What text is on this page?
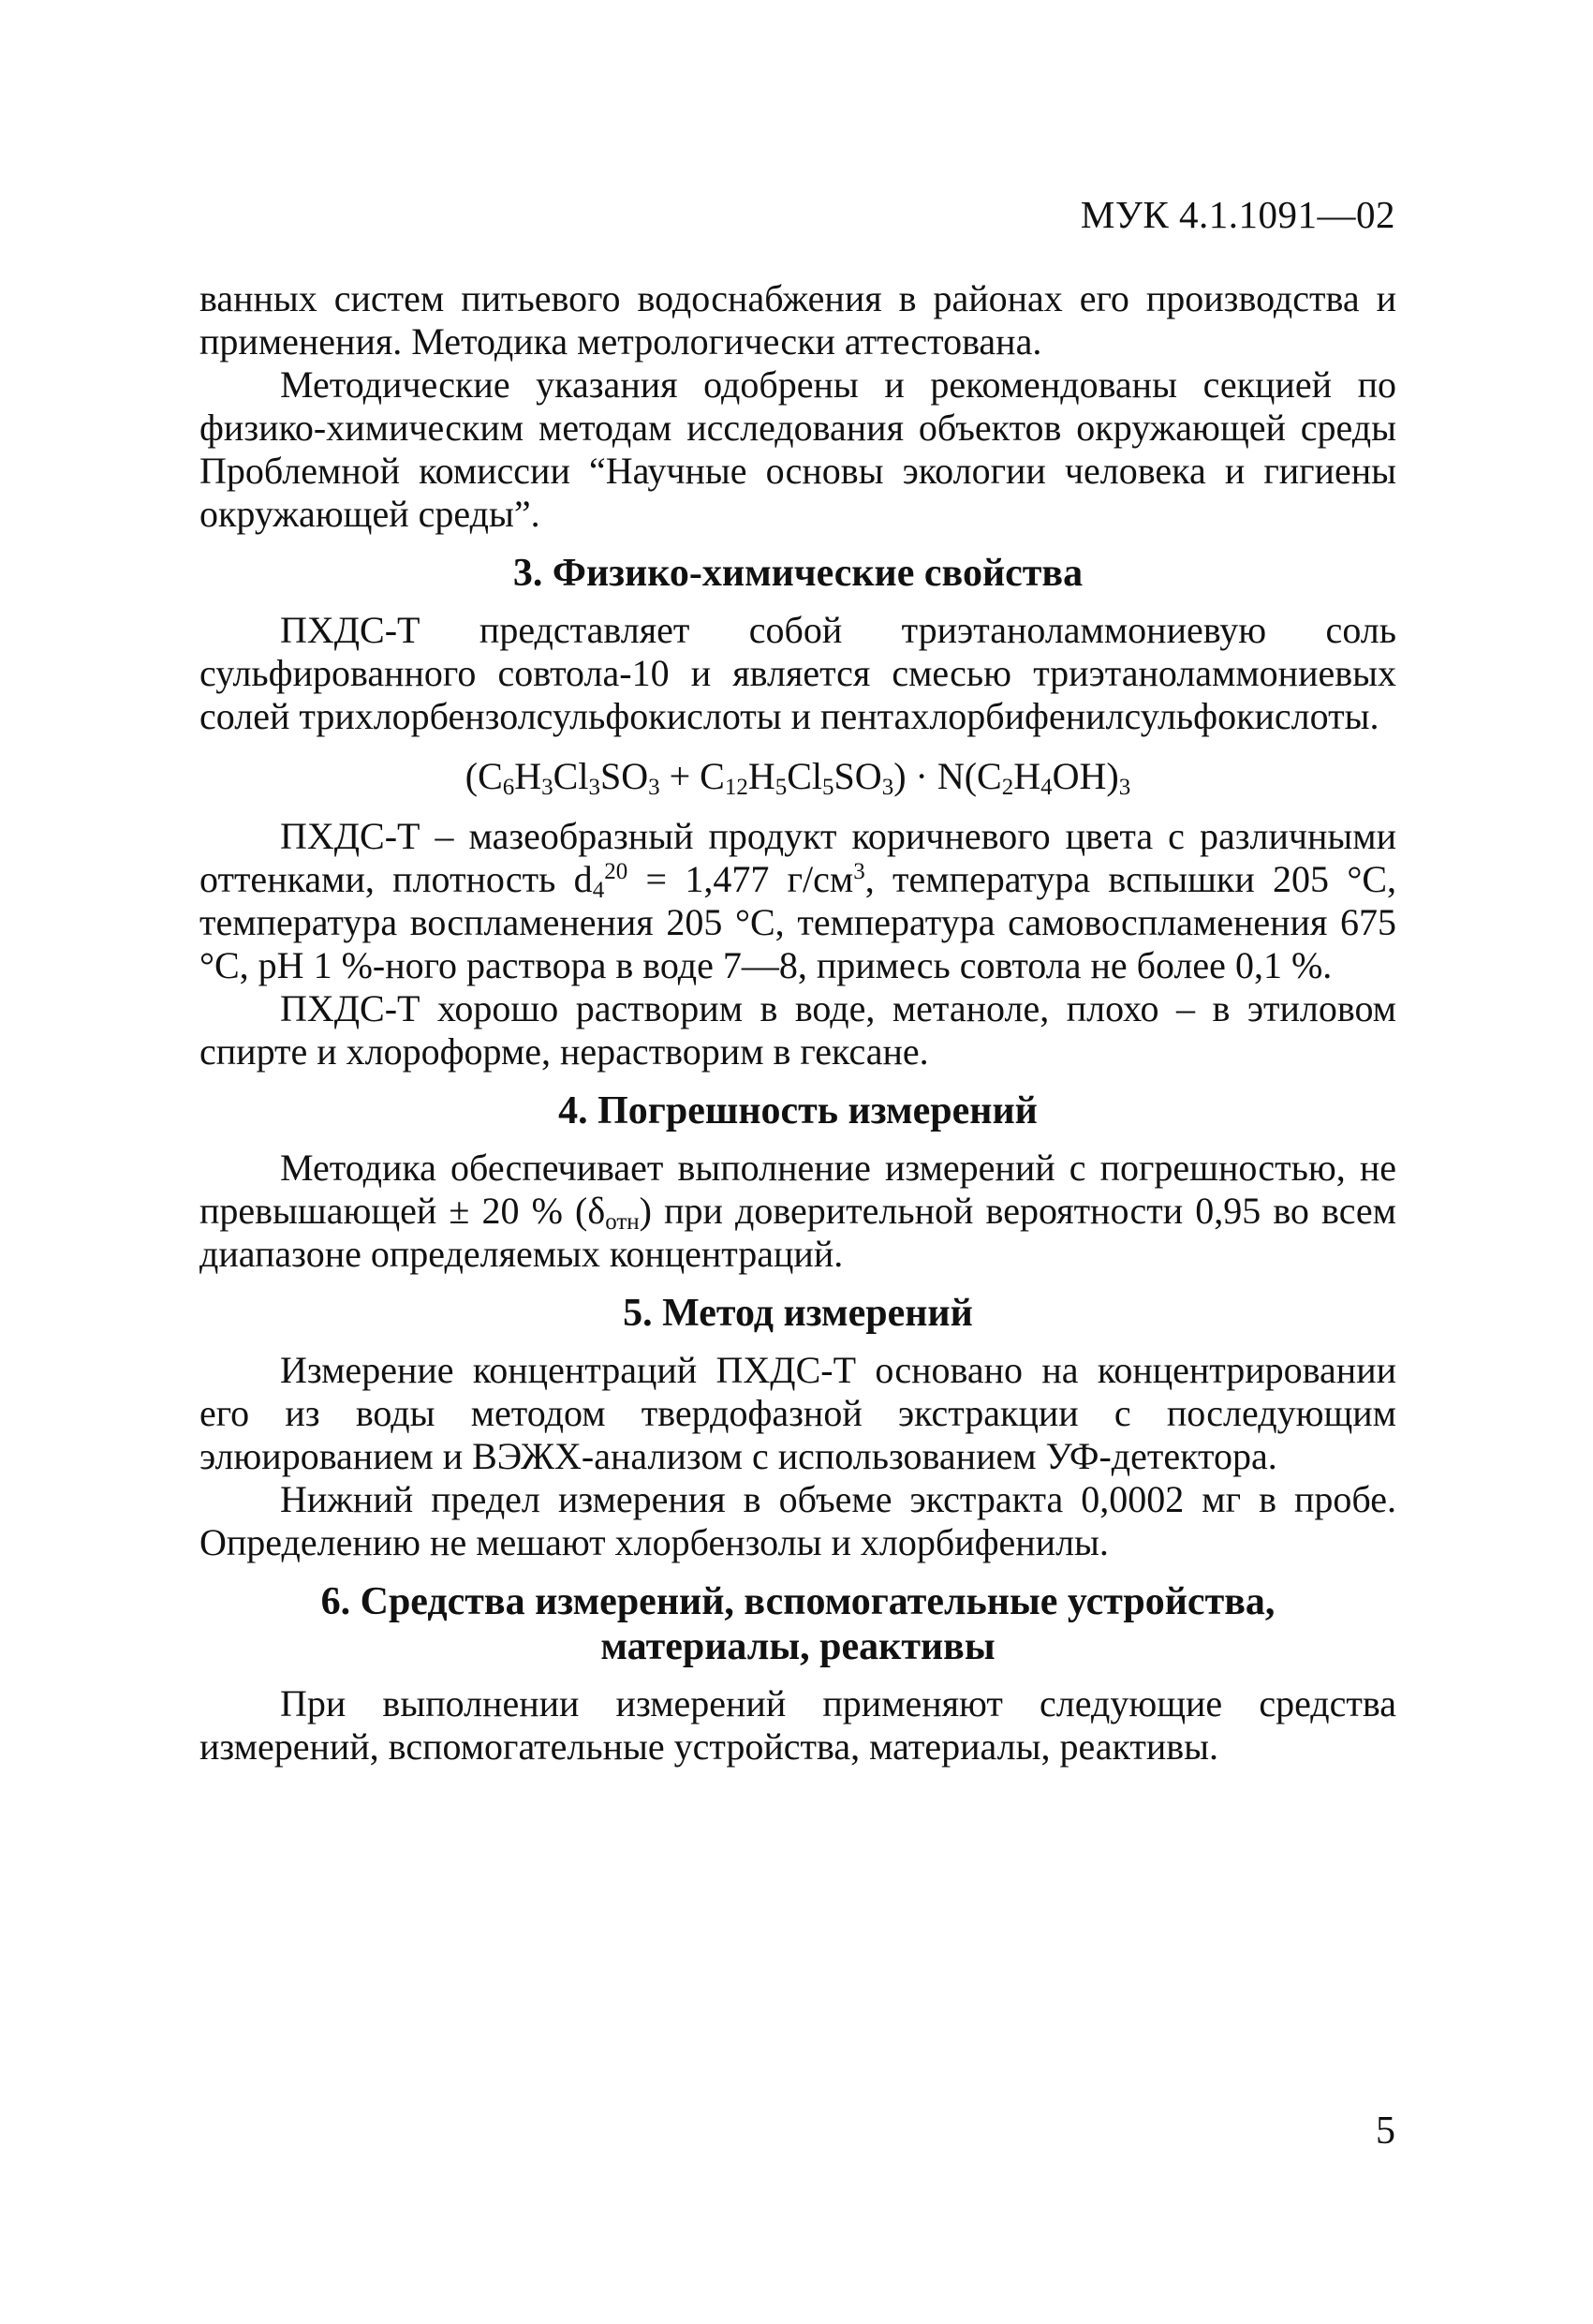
МУК 4.1.1091—02

ванных систем питьевого водоснабжения в районах его производства и применения. Методика метрологически аттестована.

Методические указания одобрены и рекомендованы секцией по физико-химическим методам исследования объектов окружающей среды Проблемной комиссии “Научные основы экологии человека и гигиены окружающей среды”.

3. Физико-химические свойства

ПХДС-Т представляет собой триэтаноламмониевую соль сульфированного совтола-10 и является смесью триэтаноламмониевых солей трихлорбензолсульфокислоты и пентахлорбифенилсульфокислоты.

$(C_6H_3Cl_3SO_3 + C_{12}H_5Cl_5SO_3) \cdot N(C_2H_4OH)_3$

ПХДС-Т – мазеобразный продукт коричневого цвета с различными оттенками, плотность $d_4^{20} = 1,477$ $г/см^3$, температура вспышки 205 °С, температура воспламенения 205 °С, температура самовоспламенения 675 °С, pH 1 %-ного раствора в воде 7—8, примесь совтола не более 0,1 %.

ПХДС-Т хорошо растворим в воде, метаноле, плохо – в этиловом спирте и хлороформе, нерастворим в гексане.

4. Погрешность измерений

Методика обеспечивает выполнение измерений с погрешностью, не превышающей ± 20 % $(\delta_{отн})$ при доверительной вероятности 0,95 во всем диапазоне определяемых концентраций.

5. Метод измерений

Измерение концентраций ПХДС-Т основано на концентрировании его из воды методом твердофазной экстракции с последующим элюированием и ВЭЖХ-анализом с использованием УФ-детектора.

Нижний предел измерения в объеме экстракта 0,0002 мг в пробе. Определению не мешают хлорбензолы и хлорбифенилы.

6. Средства измерений, вспомогательные устройства,
материалы, реактивы

При выполнении измерений применяют следующие средства измерений, вспомогательные устройства, материалы, реактивы.

5
